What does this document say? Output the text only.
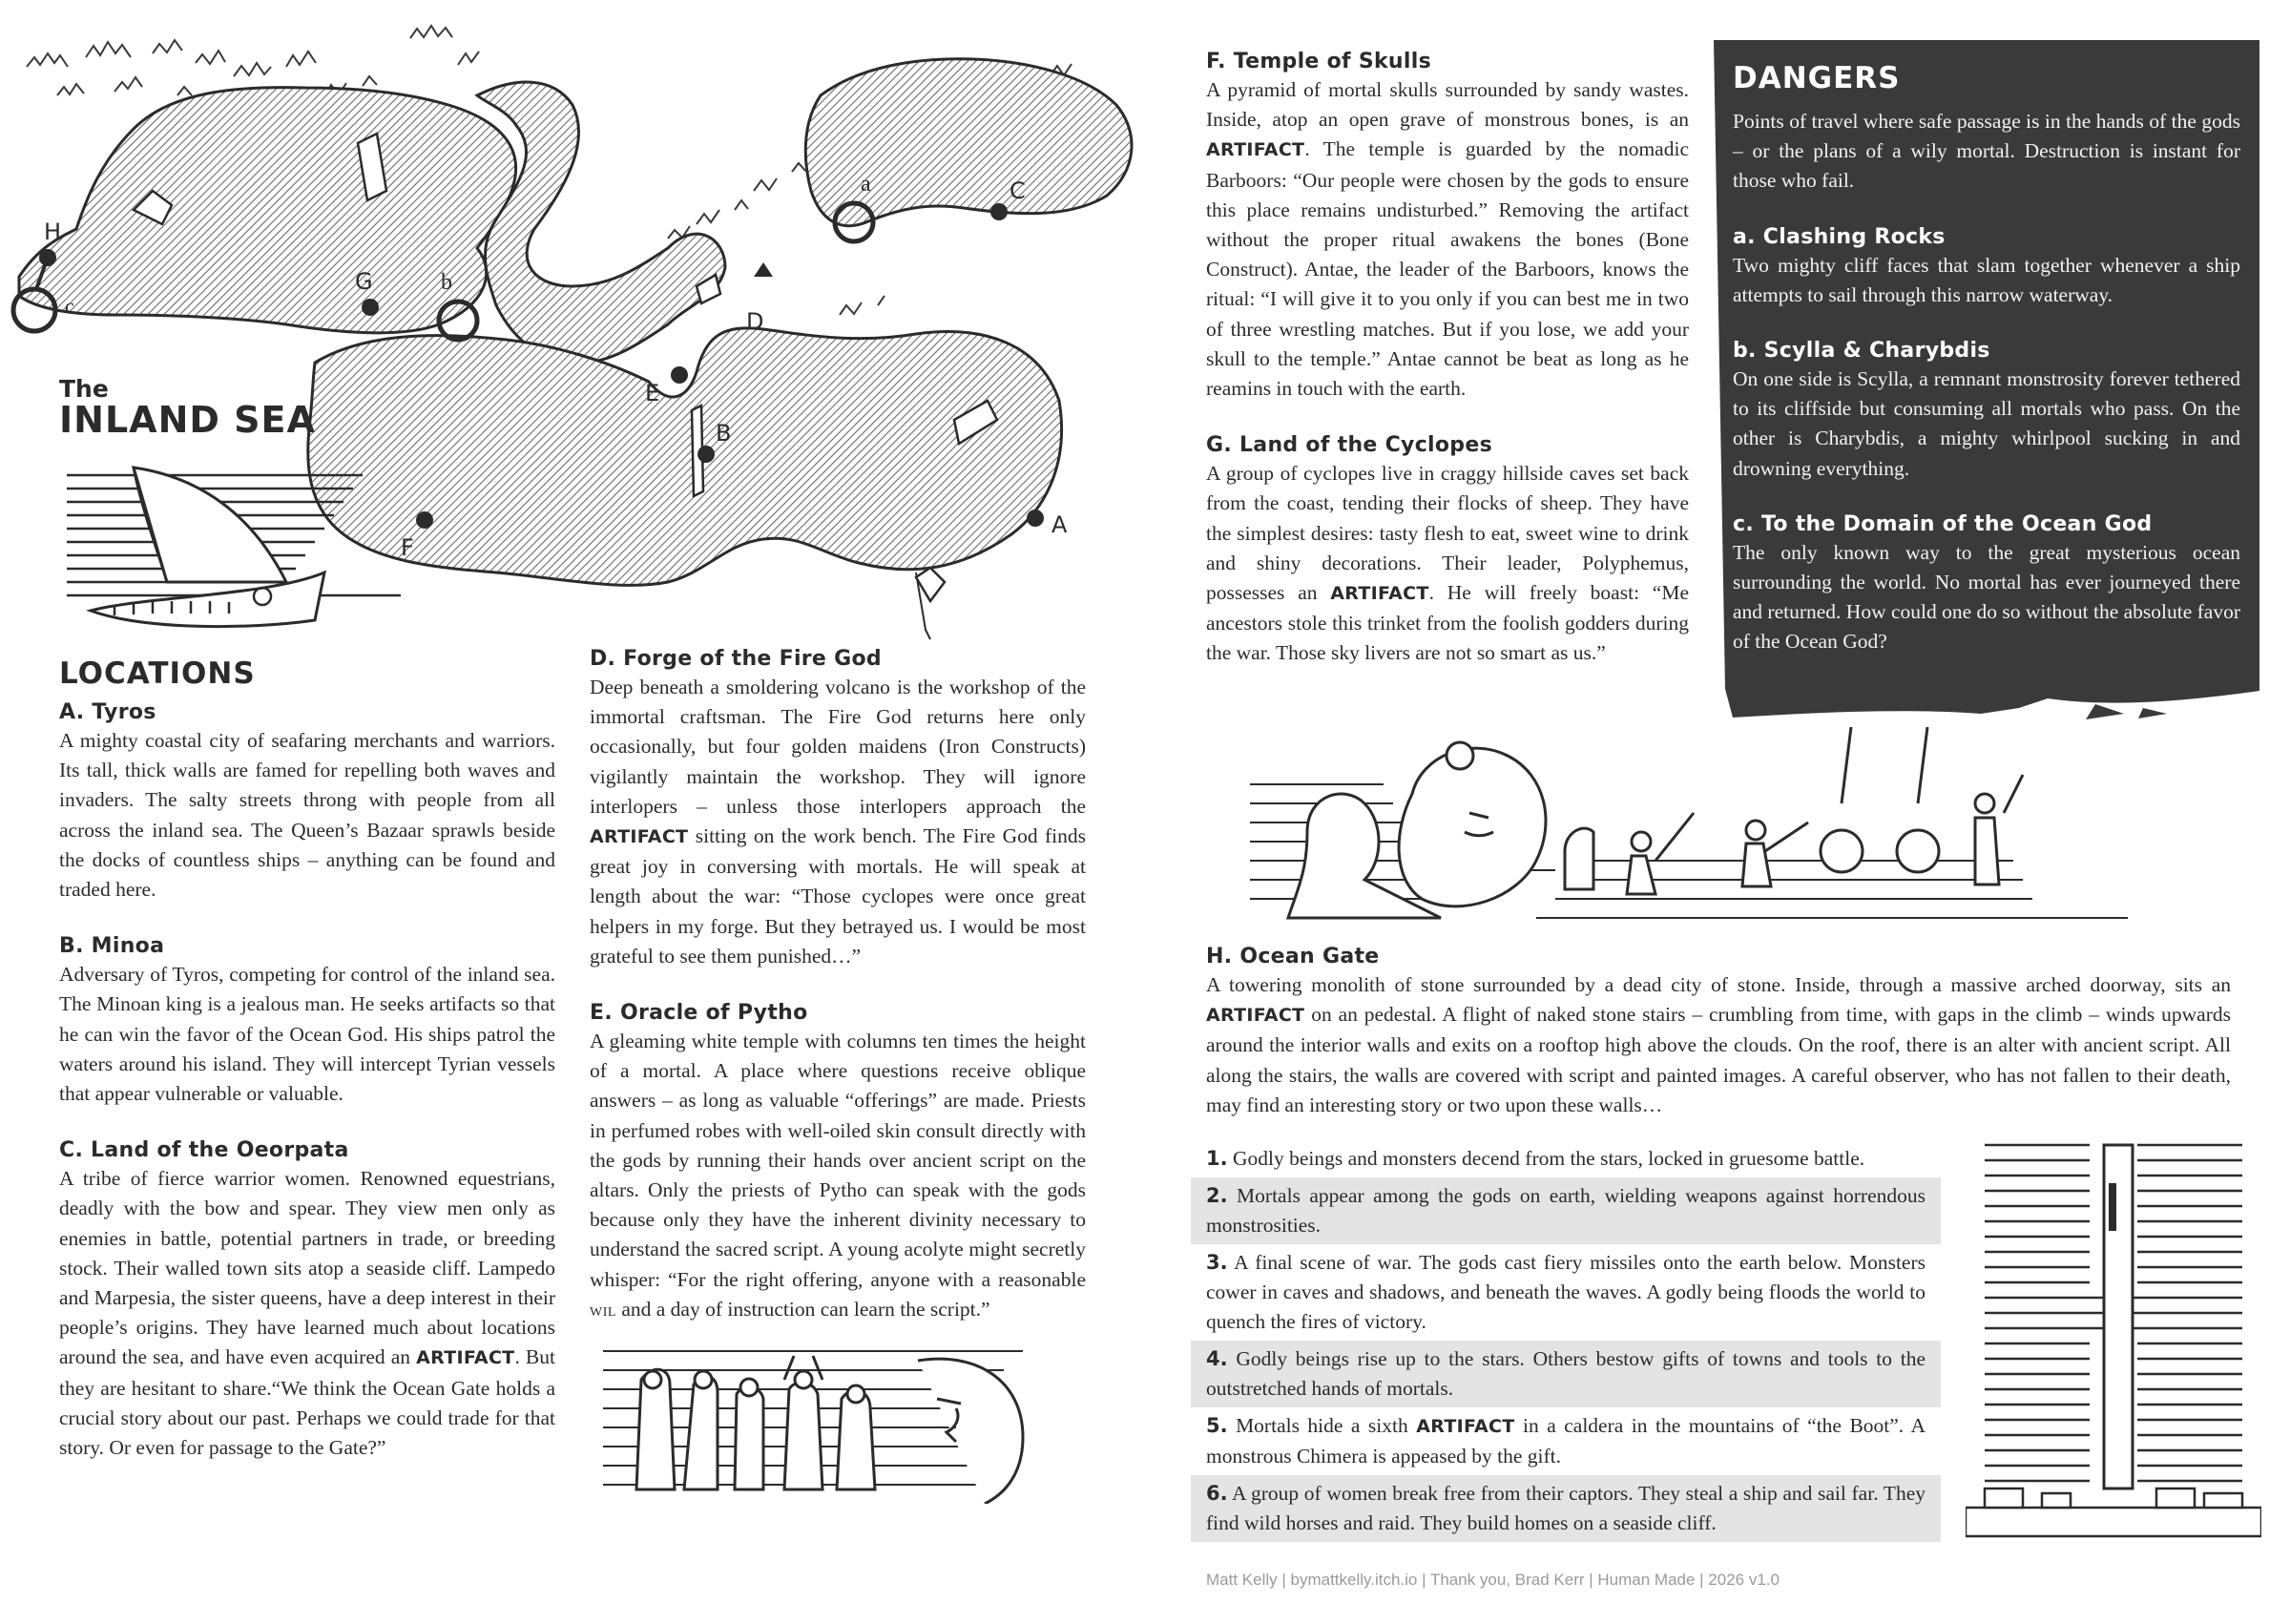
H
c
G	b
a	C
D
E
B
F
A
The
INLAND SEA
LOCATIONS
A. Tyros

A mighty coastal city of seafaring merchants and warriors. Its tall, thick walls are famed for repelling both waves and invaders. The salty streets throng with people from all across the inland sea. The Queen’s Bazaar sprawls beside the docks of countless ships – anything can be found and traded here.

B. Minoa

Adversary of Tyros, competing for control of the inland sea. The Minoan king is a jealous man. He seeks artifacts so that he can win the favor of the Ocean God. His ships patrol the waters around his island. They will intercept Tyrian vessels that appear vulnerable or valuable.

C. Land of the Oeorpata

A tribe of fierce warrior women. Renowned equestrians, deadly with the bow and spear. They view men only as enemies in battle, potential partners in trade, or breeding stock. Their walled town sits atop a seaside cliff. Lampedo and Marpesia, the sister queens, have a deep interest in their people’s origins. They have learned much about locations around the sea, and have even acquired an ARTIFACT. But they are hesitant to share.“We think the Ocean Gate holds a crucial story about our past. Perhaps we could trade for that story. Or even for passage to the Gate?”

D. Forge of the Fire God

Deep beneath a smoldering volcano is the workshop of the immortal craftsman. The Fire God returns here only occasionally, but four golden maidens (Iron Constructs) vigilantly maintain the workshop. They will ignore interlopers – unless those interlopers approach the ARTIFACT sitting on the work bench. The Fire God finds great joy in conversing with mortals. He will speak at length about the war: “Those cyclopes were once great helpers in my forge. But they betrayed us. I would be most grateful to see them punished…”

E. Oracle of Pytho

A gleaming white temple with columns ten times the height of a mortal. A place where questions receive oblique answers – as long as valuable “offerings” are made. Priests in perfumed robes with well-oiled skin consult directly with the gods by running their hands over ancient script on the altars. Only the priests of Pytho can speak with the gods because only they have the inherent divinity necessary to understand the sacred script. A young acolyte might secretly whisper: “For the right offering, anyone with a reasonable WIL and a day of instruction can learn the script.”

F. Temple of Skulls

A pyramid of mortal skulls surrounded by sandy wastes. Inside, atop an open grave of monstrous bones, is an ARTIFACT. The temple is guarded by the nomadic Barboors: “Our people were chosen by the gods to ensure this place remains undisturbed.” Removing the artifact without the proper ritual awakens the bones (Bone Construct). Antae, the leader of the Barboors, knows the ritual: “I will give it to you only if you can best me in two of three wrestling matches. But if you lose, we add your skull to the temple.” Antae cannot be beat as long as he reamins in touch with the earth.

G. Land of the Cyclopes

A group of cyclopes live in craggy hillside caves set back from the coast, tending their flocks of sheep. They have the simplest desires: tasty flesh to eat, sweet wine to drink and shiny decorations. Their leader, Polyphemus, possesses an ARTIFACT. He will freely boast: “Me ancestors stole this trinket from the foolish godders during the war. Those sky livers are not so smart as us.”

H. Ocean Gate

A towering monolith of stone surrounded by a dead city of stone. Inside, through a massive arched doorway, sits an ARTIFACT on an pedestal. A flight of naked stone stairs – crumbling from time, with gaps in the climb – winds upwards around the interior walls and exits on a rooftop high above the clouds. On the roof, there is an alter with ancient script. All along the stairs, the walls are covered with script and painted images. A careful observer, who has not fallen to their death, may find an interesting story or two upon these walls…

1. Godly beings and monsters decend from the stars, locked in gruesome battle.
2. Mortals appear among the gods on earth, wielding weapons against horrendous monstrosities.
3. A final scene of war. The gods cast fiery missiles onto the earth below. Monsters cower in caves and shadows, and beneath the waves. A godly being floods the world to quench the fires of victory.
4. Godly beings rise up to the stars. Others bestow gifts of towns and tools to the outstretched hands of mortals.
5. Mortals hide a sixth ARTIFACT in a caldera in the mountains of “the Boot”. A monstrous Chimera is appeased by the gift.
6. A group of women break free from their captors. They steal a ship and sail far. They find wild horses and raid. They build homes on a seaside cliff.
DANGERS

Points of travel where safe passage is in the hands of the gods – or the plans of a wily mortal. Destruction is instant for those who fail.

a. Clashing Rocks

Two mighty cliff faces that slam together whenever a ship attempts to sail through this narrow waterway.

b. Scylla & Charybdis

On one side is Scylla, a remnant monstrosity forever tethered to its cliffside but consuming all mortals who pass. On the other is Charybdis, a mighty whirlpool sucking in and drowning everything.

c. To the Domain of the Ocean God

The only known way to the great mysterious ocean surrounding the world. No mortal has ever journeyed there and returned. How could one do so without the absolute favor of the Ocean God?

Matt Kelly | bymattkelly.itch.io | Thank you, Brad Kerr | Human Made | 2026 v1.0
